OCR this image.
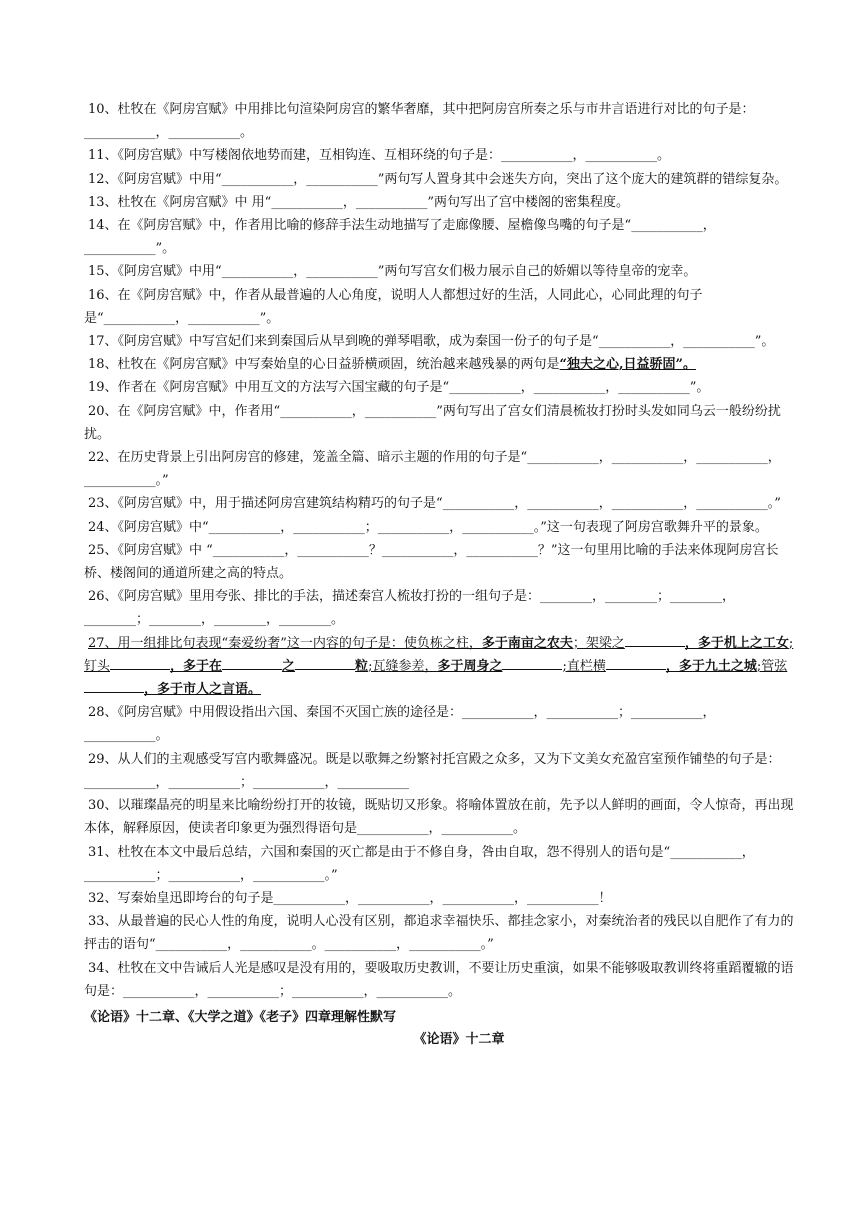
10、杜牧在《阿房宫赋》中用排比句渲染阿房宫的繁华奢靡，其中把阿房宫所奏之乐与市井言语进行对比的句子是：___________，___________。

11、《阿房宫赋》中写楼阁依地势而建，互相钩连、互相环绕的句子是：___________，___________。

12、《阿房宫赋》中用“___________，___________”两句写人置身其中会迷失方向，突出了这个庞大的建筑群的错综复杂。

13、杜牧在《阿房宫赋》中 用“___________，___________”两句写出了宫中楼阁的密集程度。

14、在《阿房宫赋》中，作者用比喻的修辞手法生动地描写了走廊像腰、屋檐像鸟嘴的句子是“___________，___________”。

15、《阿房宫赋》中用“___________，___________”两句写宫女们极力展示自己的娇媚以等待皇帝的宠幸。

16、在《阿房宫赋》中，作者从最普遍的人心角度，说明人人都想过好的生活，人同此心，心同此理的句子是“___________，___________”。

17、《阿房宫赋》中写宫妃们来到秦国后从早到晚的弹琴唱歌，成为秦国一份子的句子是“___________，___________”。

18、杜牧在《阿房宫赋》中写秦始皇的心日益骄横顽固，统治越来越残暴的两句是“独夫之心,日益骄固”。

19、作者在《阿房宫赋》中用互文的方法写六国宝藏的句子是“___________，___________，___________”。

20、在《阿房宫赋》中，作者用“___________，___________”两句写出了宫女们清晨梳妆打扮时头发如同乌云一般纷纷扰扰。

22、在历史背景上引出阿房宫的修建，笼盖全篇、暗示主题的作用的句子是“___________，___________，___________，___________。”

23、《阿房宫赋》中，用于描述阿房宫建筑结构精巧的句子是“___________，___________，___________，___________。”

24、《阿房宫赋》中“___________，___________；___________，___________。”这一句表现了阿房宫歌舞升平的景象。

25、《阿房宫赋》中 “___________，___________？___________，___________？”这一句里用比喻的手法来体现阿房宫长桥、楼阁间的通道所建之高的特点。

26、《阿房宫赋》里用夸张、排比的手法，描述秦宫人梳妆打扮的一组句子是：________，________；________，________；________，________，________。

27、用一组排比句表现“秦爱纷奢”这一内容的句子是：使负栋之柱，多于南亩之农夫；架梁之	，多于机上之工女;钉头	，多于在	之	粒;瓦缝参差，多于周身之	;直栏横	，多于九土之城;管弦，多于市人之言语。

28、《阿房宫赋》中用假设指出六国、秦国不灭国亡族的途径是：___________，___________；___________，___________。

29、从人们的主观感受写宫内歌舞盛况。既是以歌舞之纷繁衬托宫殿之众多，又为下文美女充盈宫室预作铺垫的句子是：___________，___________；___________，___________

30、以璀璨晶亮的明星来比喻纷纷打开的妆镜，既贴切又形象。将喻体置放在前，先予以人鲜明的画面，令人惊奇，再出现本体，解释原因，使读者印象更为强烈得语句是___________，___________。

31、杜牧在本文中最后总结，六国和秦国的灭亡都是由于不修自身，咎由自取，怨不得别人的语句是“___________，___________；___________，___________。”

32、写秦始皇迅即垮台的句子是___________，___________，___________，___________！

33、从最普遍的民心人性的角度，说明人心没有区别，都追求幸福快乐、都挂念家小，对秦统治者的残民以自肥作了有力的抨击的语句“___________，___________。___________，___________。”

34、杜牧在文中告诫后人光是感叹是没有用的，要吸取历史教训，不要让历史重演，如果不能够吸取教训终将重蹈覆辙的语句是：___________，___________；___________，___________。

《论语》十二章、《大学之道》《老子》四章理解性默写

《论语》十二章
